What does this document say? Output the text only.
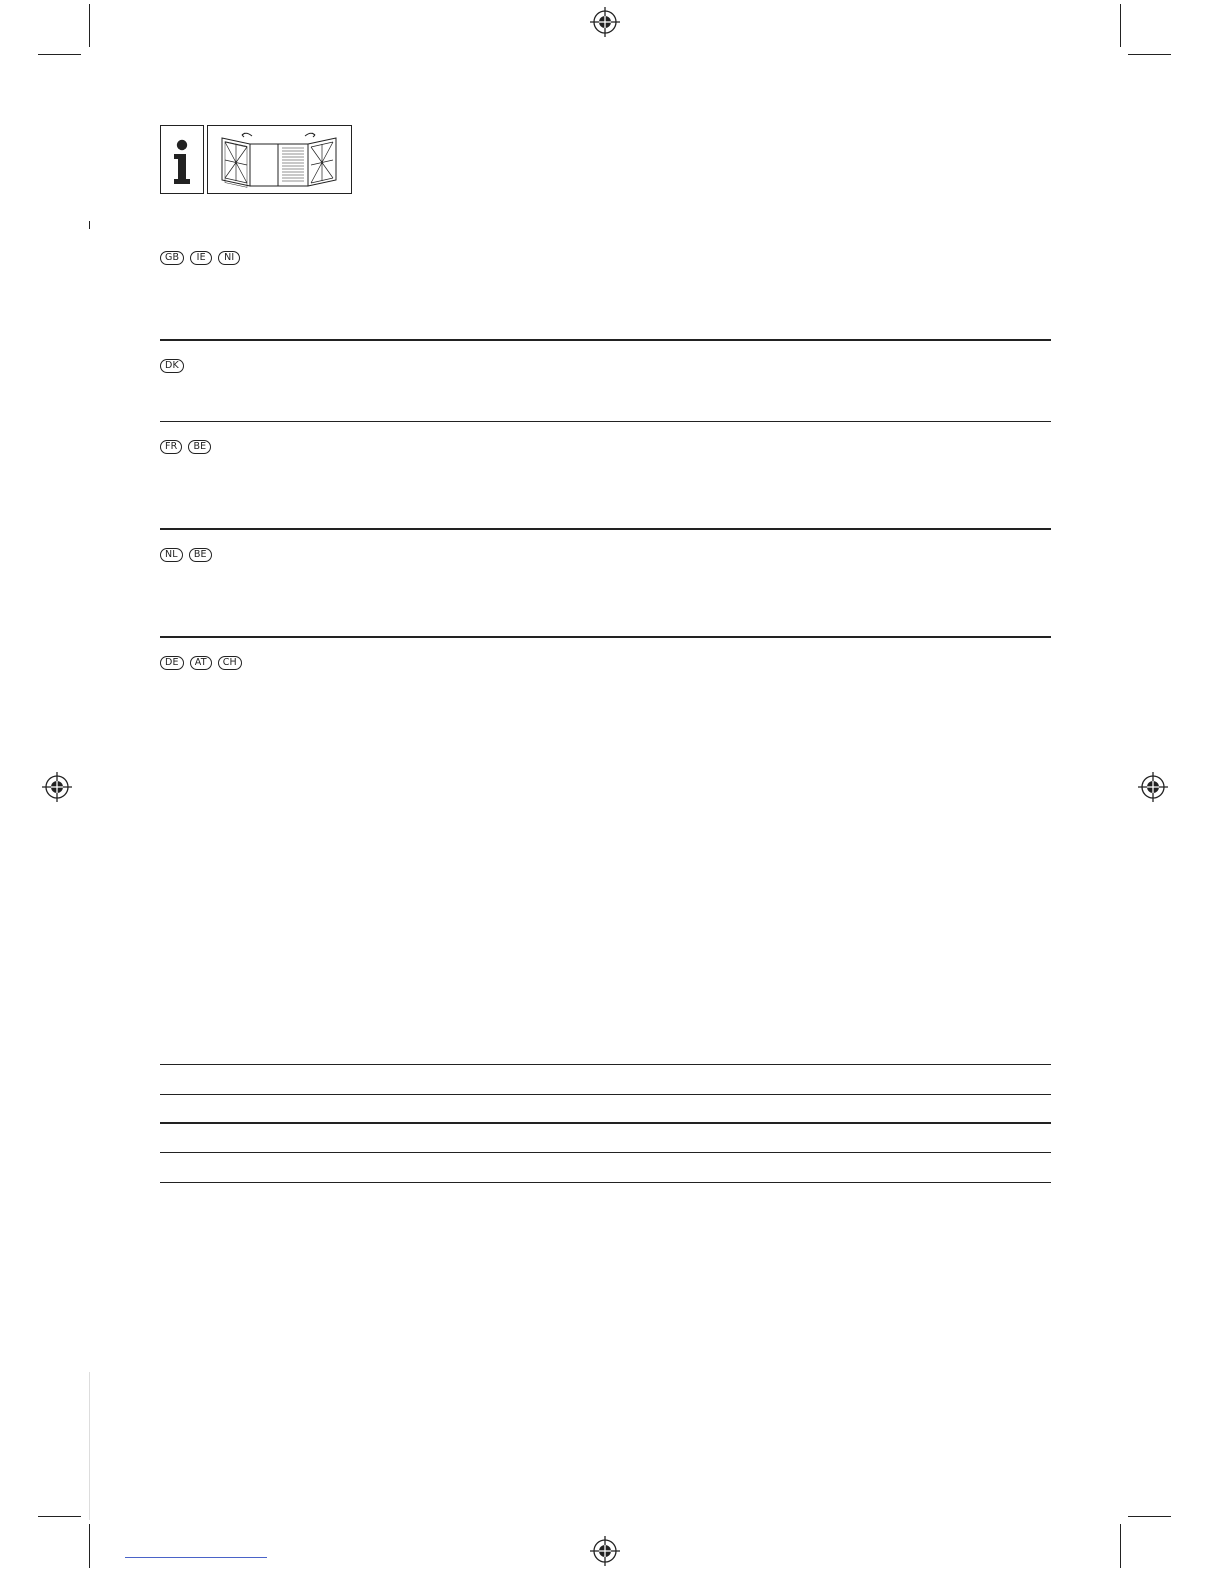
GB	IE	NI
DK
FR	BE
NL	BE
DE	AT	CH
